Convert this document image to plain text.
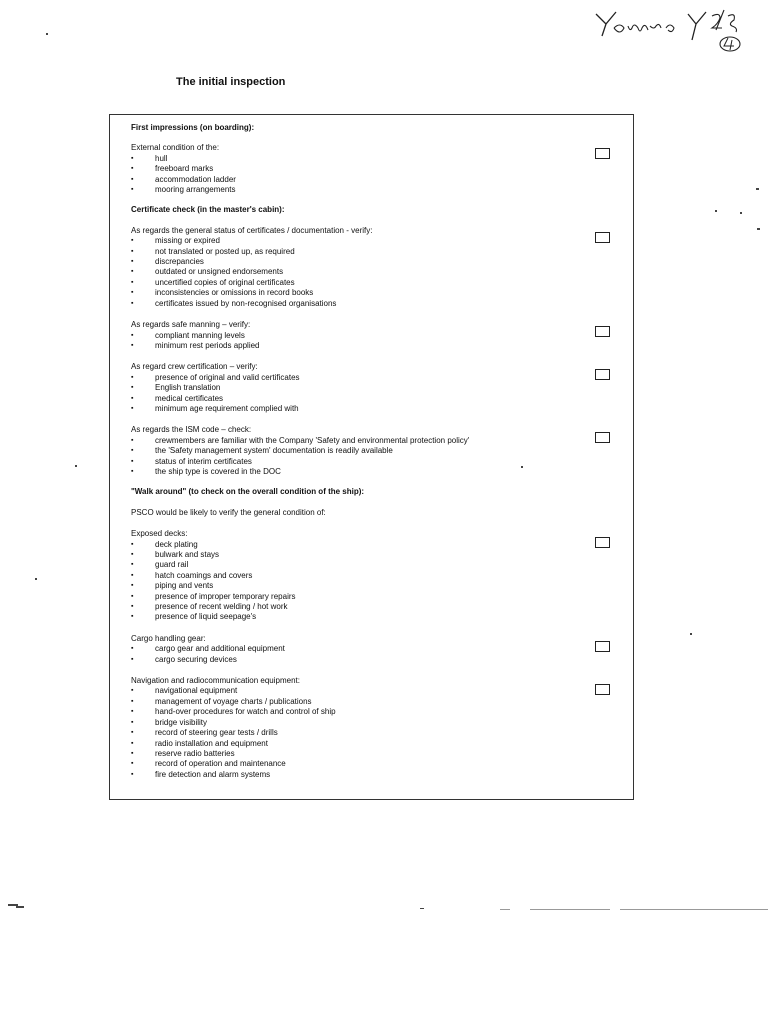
The initial inspection

First impressions (on boarding):

External condition of the:

▪ hull
▪ freeboard marks
▪ accommodation ladder
▪ mooring arrangements

Certificate check (in the master's cabin):

As regards the general status of certificates / documentation - verify:

▪ missing or expired
▪ not translated or posted up, as required
▪ discrepancies
▪ outdated or unsigned endorsements
▪ uncertified copies of original certificates
▪ inconsistencies or omissions in record books
▪ certificates issued by non-recognised organisations

As regards safe manning – verify:

▪ compliant manning levels
▪ minimum rest periods applied

As regard crew certification – verify:

▪ presence of original and valid certificates
▪ English translation
▪ medical certificates
▪ minimum age requirement complied with

As regards the ISM code – check:

▪ crewmembers are familiar with the Company 'Safety and environmental protection policy'
▪ the 'Safety management system' documentation is readily available
▪ status of interim certificates
▪ the ship type is covered in the DOC

"Walk around" (to check on the overall condition of the ship):

PSCO would be likely to verify the general condition of:

Exposed decks:

▪ deck plating
▪ bulwark and stays
▪ guard rail
▪ hatch coamings and covers
▪ piping and vents
▪ presence of improper temporary repairs
▪ presence of recent welding / hot work
▪ presence of liquid seepage's

Cargo handling gear:

▪ cargo gear and additional equipment
▪ cargo securing devices

Navigation and radiocommunication equipment:

▪ navigational equipment
▪ management of voyage charts / publications
▪ hand-over procedures for watch and control of ship
▪ bridge visibility
▪ record of steering gear tests / drills
▪ radio installation and equipment
▪ reserve radio batteries
▪ record of operation and maintenance
▪ fire detection and alarm systems
